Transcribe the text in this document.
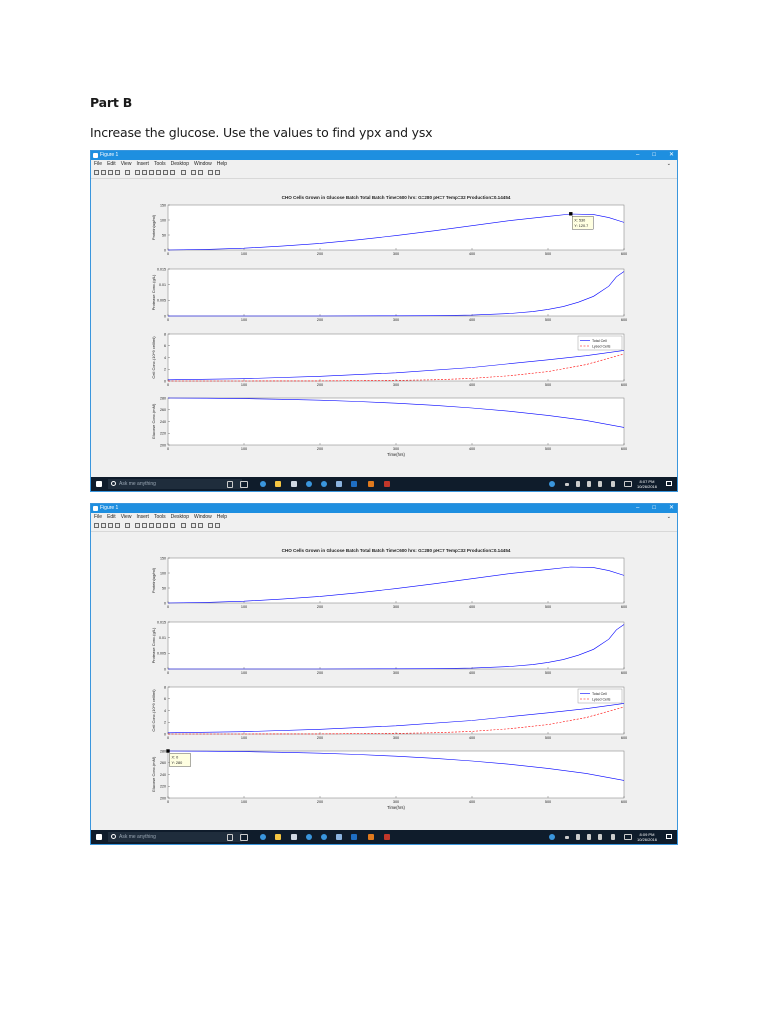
Part B
Increase the glucose. Use the values to find ypx and ysx
Figure 1	– □ ✕
File Edit View Insert Tools Desktop Window Help	⌄
CHO Cells Grown in Glucose Batch Total Batch Time=600 hrs: G=280 pH=7 Temp=32 Production=0.14454
0	100	200	300	400	500	600
0
50
100
150
Protein(ug/ml)	X: 530
Y: 120.7
0	100	200	300	400	500	600
0
0.005
0.01
0.015
Protease Conc.(g/L)
0	100	200	300	400	500	600
0
2
4
6
8
Cell Conc.(10^9 cell/ml)	Total Cell
Lysed Cells
0	100	200	300	400	500	600
200
220
240
260
280
Glucose Conc.(mM)
Time(hrs)
Ask me anything	8:07 PM
10/26/2016
Figure 1	– □ ✕
File Edit View Insert Tools Desktop Window Help	⌄
CHO Cells Grown in Glucose Batch Total Batch Time=600 hrs: G=280 pH=7 Temp=32 Production=0.14454
0	100	200	300	400	500	600
0
50
100
150
Protein(ug/ml)
0	100	200	300	400	500	600
0
0.005
0.01
0.015
Protease Conc.(g/L)
0	100	200	300	400	500	600
0
2
4
6
8
Cell Conc.(10^9 cell/ml)	Total Cell
Lysed Cells
0	100	200	300	400	500	600
200
220
240
260
280
Glucose Conc.(mM)
Time(hrs)
X: 0
Y: 280
Ask me anything	8:09 PM
10/26/2016
